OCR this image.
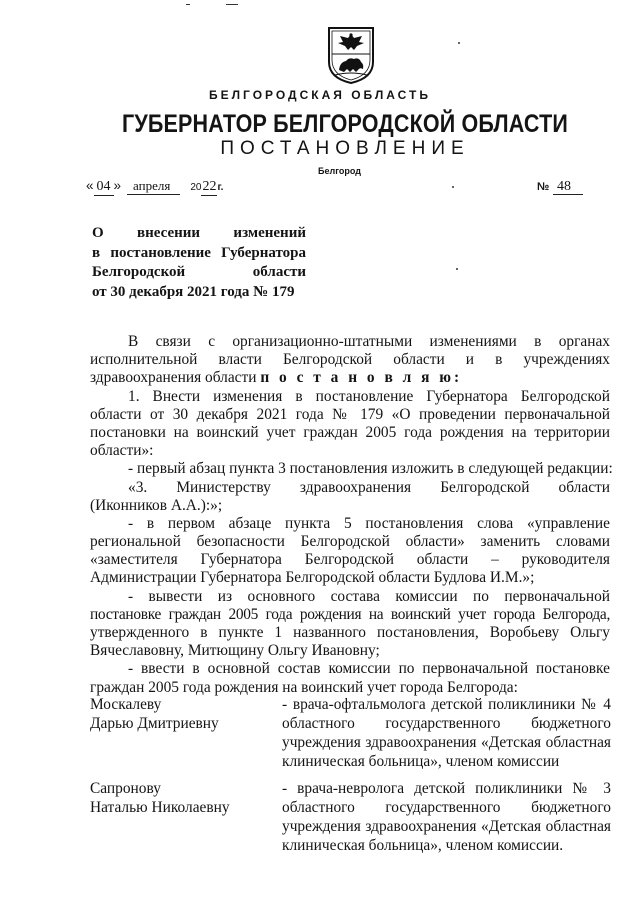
БЕЛГОРОДСКАЯ ОБЛАСТЬ
ГУБЕРНАТОР БЕЛГОРОДСКОЙ ОБЛАСТИ
ПОСТАНОВЛЕНИЕ
Белгород
« 04 » апреля 2022г.	№ 48
О внесении изменений
в постановление Губернатора
Белгородской области
от 30 декабря 2021 года № 179
В связи с организационно-штатными изменениями в органах
исполнительной власти Белгородской области и в учреждениях
здравоохранения области п о с т а н о в л я ю:
1. Внести изменения в постановление Губернатора Белгородской
области от 30 декабря 2021 года № 179 «О проведении первоначальной
постановки на воинский учет граждан 2005 года рождения на территории
области»:
- первый абзац пункта 3 постановления изложить в следующей редакции:
«3. Министерству здравоохранения Белгородской области
(Иконников А.А.):»;
- в первом абзаце пункта 5 постановления слова «управление
региональной безопасности Белгородской области» заменить словами
«заместителя Губернатора Белгородской области – руководителя
Администрации Губернатора Белгородской области Будлова И.М.»;
- вывести из основного состава комиссии по первоначальной
постановке граждан 2005 года рождения на воинский учет города Белгорода,
утвержденного в пункте 1 названного постановления, Воробьеву Ольгу
Вячеславовну, Митющину Ольгу Ивановну;
- ввести в основной состав комиссии по первоначальной постановке
граждан 2005 года рождения на воинский учет города Белгорода:
Москалеву
Дарью Дмитриевну
- врача-офтальмолога детской поликлиники № 4
областного государственного бюджетного
учреждения здравоохранения «Детская областная
клиническая больница», членом комиссии
Сапронову
Наталью Николаевну
- врача-невролога детской поликлиники № 3
областного государственного бюджетного
учреждения здравоохранения «Детская областная
клиническая больница», членом комиссии.
